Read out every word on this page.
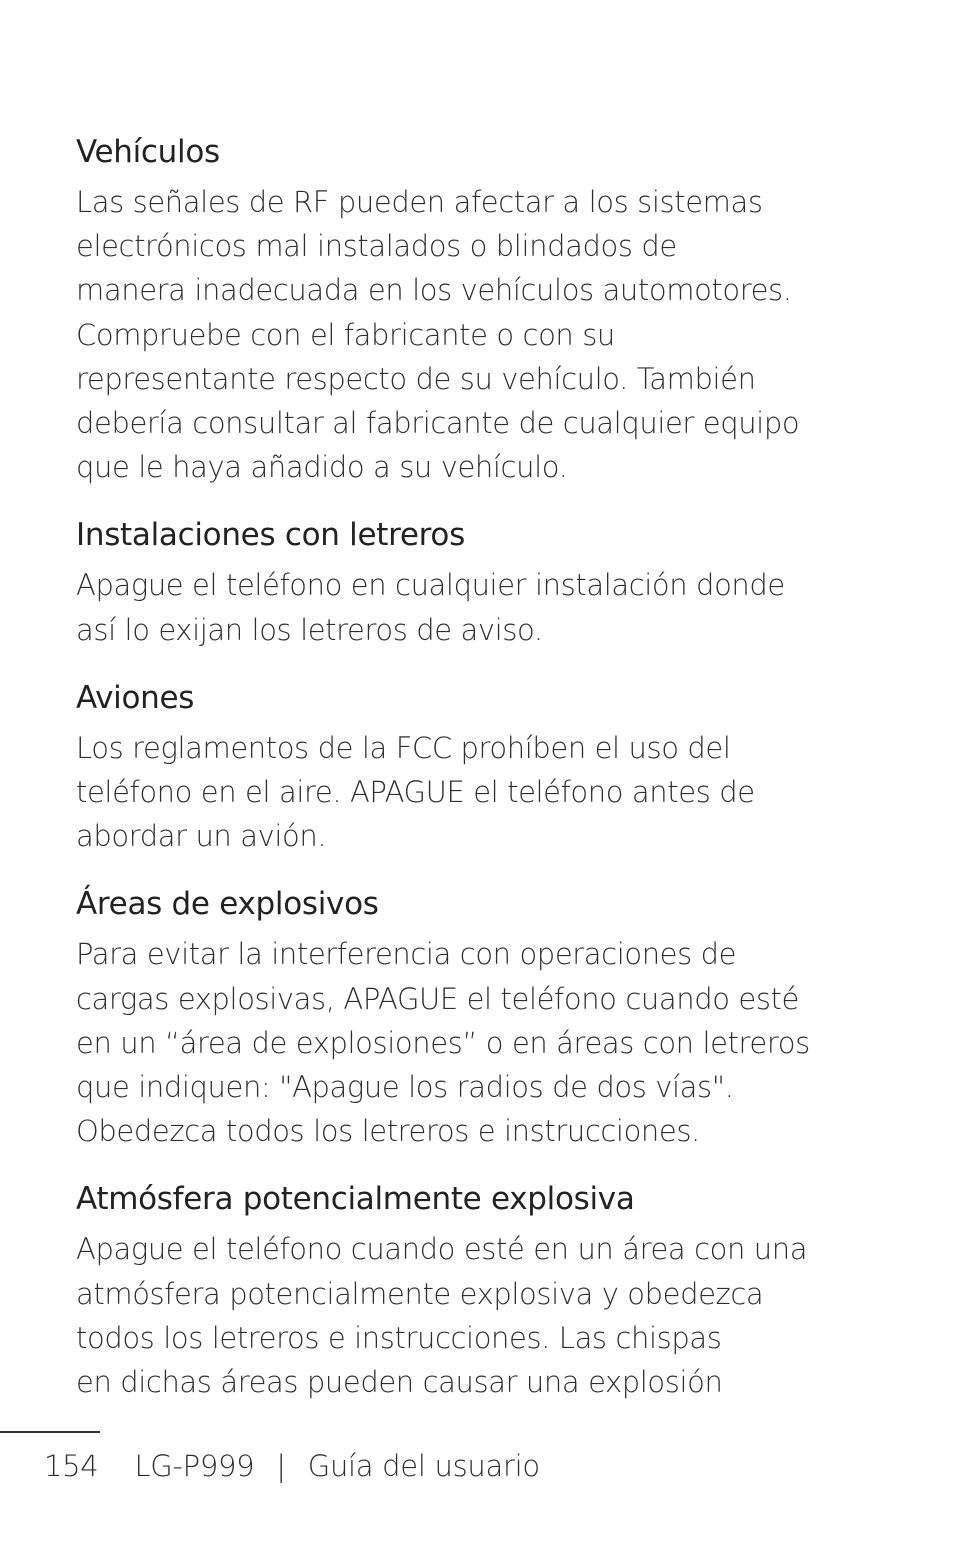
Vehículos

Las señales de RF pueden afectar a los sistemas
electrónicos mal instalados o blindados de
manera inadecuada en los vehículos automotores.
Compruebe con el fabricante o con su
representante respecto de su vehículo. También
debería consultar al fabricante de cualquier equipo
que le haya añadido a su vehículo.

Instalaciones con letreros

Apague el teléfono en cualquier instalación donde
así lo exijan los letreros de aviso.

Aviones

Los reglamentos de la FCC prohíben el uso del
teléfono en el aire. APAGUE el teléfono antes de
abordar un avión.

Áreas de explosivos

Para evitar la interferencia con operaciones de
cargas explosivas, APAGUE el teléfono cuando esté
en un “área de explosiones” o en áreas con letreros
que indiquen: "Apague los radios de dos vías".
Obedezca todos los letreros e instrucciones.

Atmósfera potencialmente explosiva

Apague el teléfono cuando esté en un área con una
atmósfera potencialmente explosiva y obedezca
todos los letreros e instrucciones. Las chispas
en dichas áreas pueden causar una explosión

154 LG-P999 | Guía del usuario
